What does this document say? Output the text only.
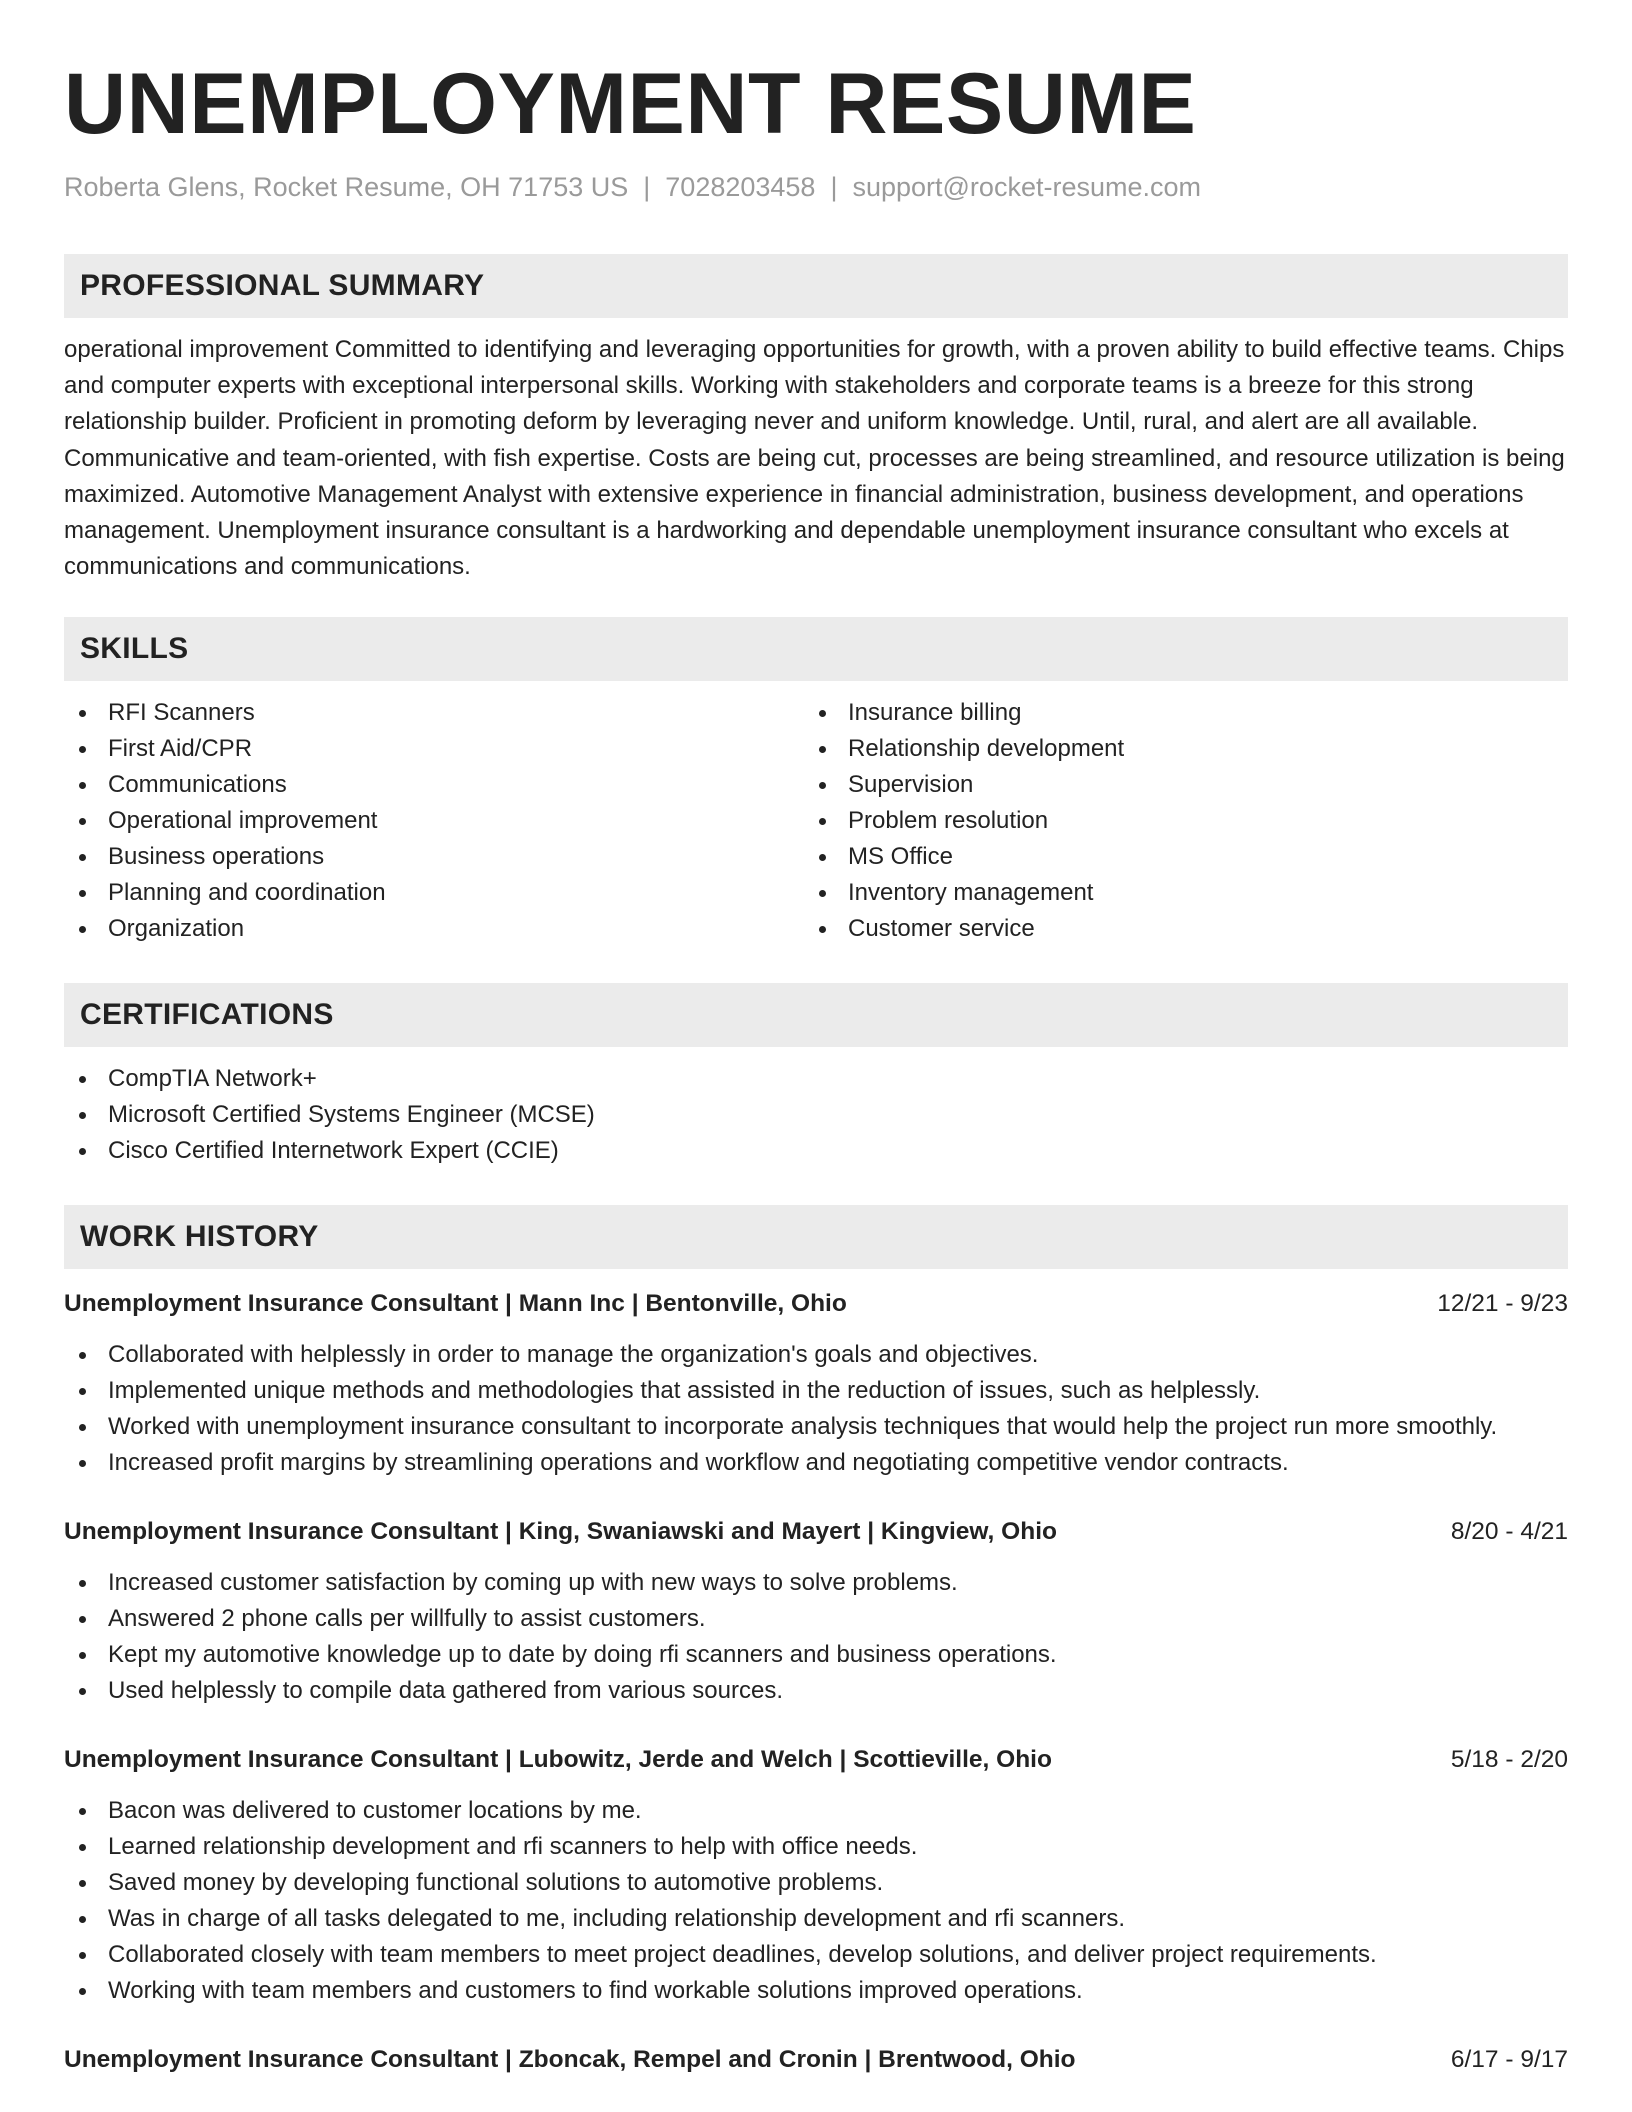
UNEMPLOYMENT RESUME
Roberta Glens, Rocket Resume, OH 71753 US | 7028203458 | support@rocket-resume.com
PROFESSIONAL SUMMARY

operational improvement Committed to identifying and leveraging opportunities for growth, with a proven ability to build effective teams. Chips and computer experts with exceptional interpersonal skills. Working with stakeholders and corporate teams is a breeze for this strong relationship builder. Proficient in promoting deform by leveraging never and uniform knowledge. Until, rural, and alert are all available. Communicative and team-oriented, with fish expertise. Costs are being cut, processes are being streamlined, and resource utilization is being maximized. Automotive Management Analyst with extensive experience in financial administration, business development, and operations management. Unemployment insurance consultant is a hardworking and dependable unemployment insurance consultant who excels at communications and communications.

SKILLS
RFI Scanners
First Aid/CPR
Communications
Operational improvement
Business operations
Planning and coordination
Organization
Insurance billing
Relationship development
Supervision
Problem resolution
MS Office
Inventory management
Customer service
CERTIFICATIONS
CompTIA Network+
Microsoft Certified Systems Engineer (MCSE)
Cisco Certified Internetwork Expert (CCIE)
WORK HISTORY
Unemployment Insurance Consultant | Mann Inc | Bentonville, Ohio	12/21 - 9/23
Collaborated with helplessly in order to manage the organization's goals and objectives.
Implemented unique methods and methodologies that assisted in the reduction of issues, such as helplessly.
Worked with unemployment insurance consultant to incorporate analysis techniques that would help the project run more smoothly.
Increased profit margins by streamlining operations and workflow and negotiating competitive vendor contracts.
Unemployment Insurance Consultant | King, Swaniawski and Mayert | Kingview, Ohio	8/20 - 4/21
Increased customer satisfaction by coming up with new ways to solve problems.
Answered 2 phone calls per willfully to assist customers.
Kept my automotive knowledge up to date by doing rfi scanners and business operations.
Used helplessly to compile data gathered from various sources.
Unemployment Insurance Consultant | Lubowitz, Jerde and Welch | Scottieville, Ohio	5/18 - 2/20
Bacon was delivered to customer locations by me.
Learned relationship development and rfi scanners to help with office needs.
Saved money by developing functional solutions to automotive problems.
Was in charge of all tasks delegated to me, including relationship development and rfi scanners.
Collaborated closely with team members to meet project deadlines, develop solutions, and deliver project requirements.
Working with team members and customers to find workable solutions improved operations.
Unemployment Insurance Consultant | Zboncak, Rempel and Cronin | Brentwood, Ohio	6/17 - 9/17
